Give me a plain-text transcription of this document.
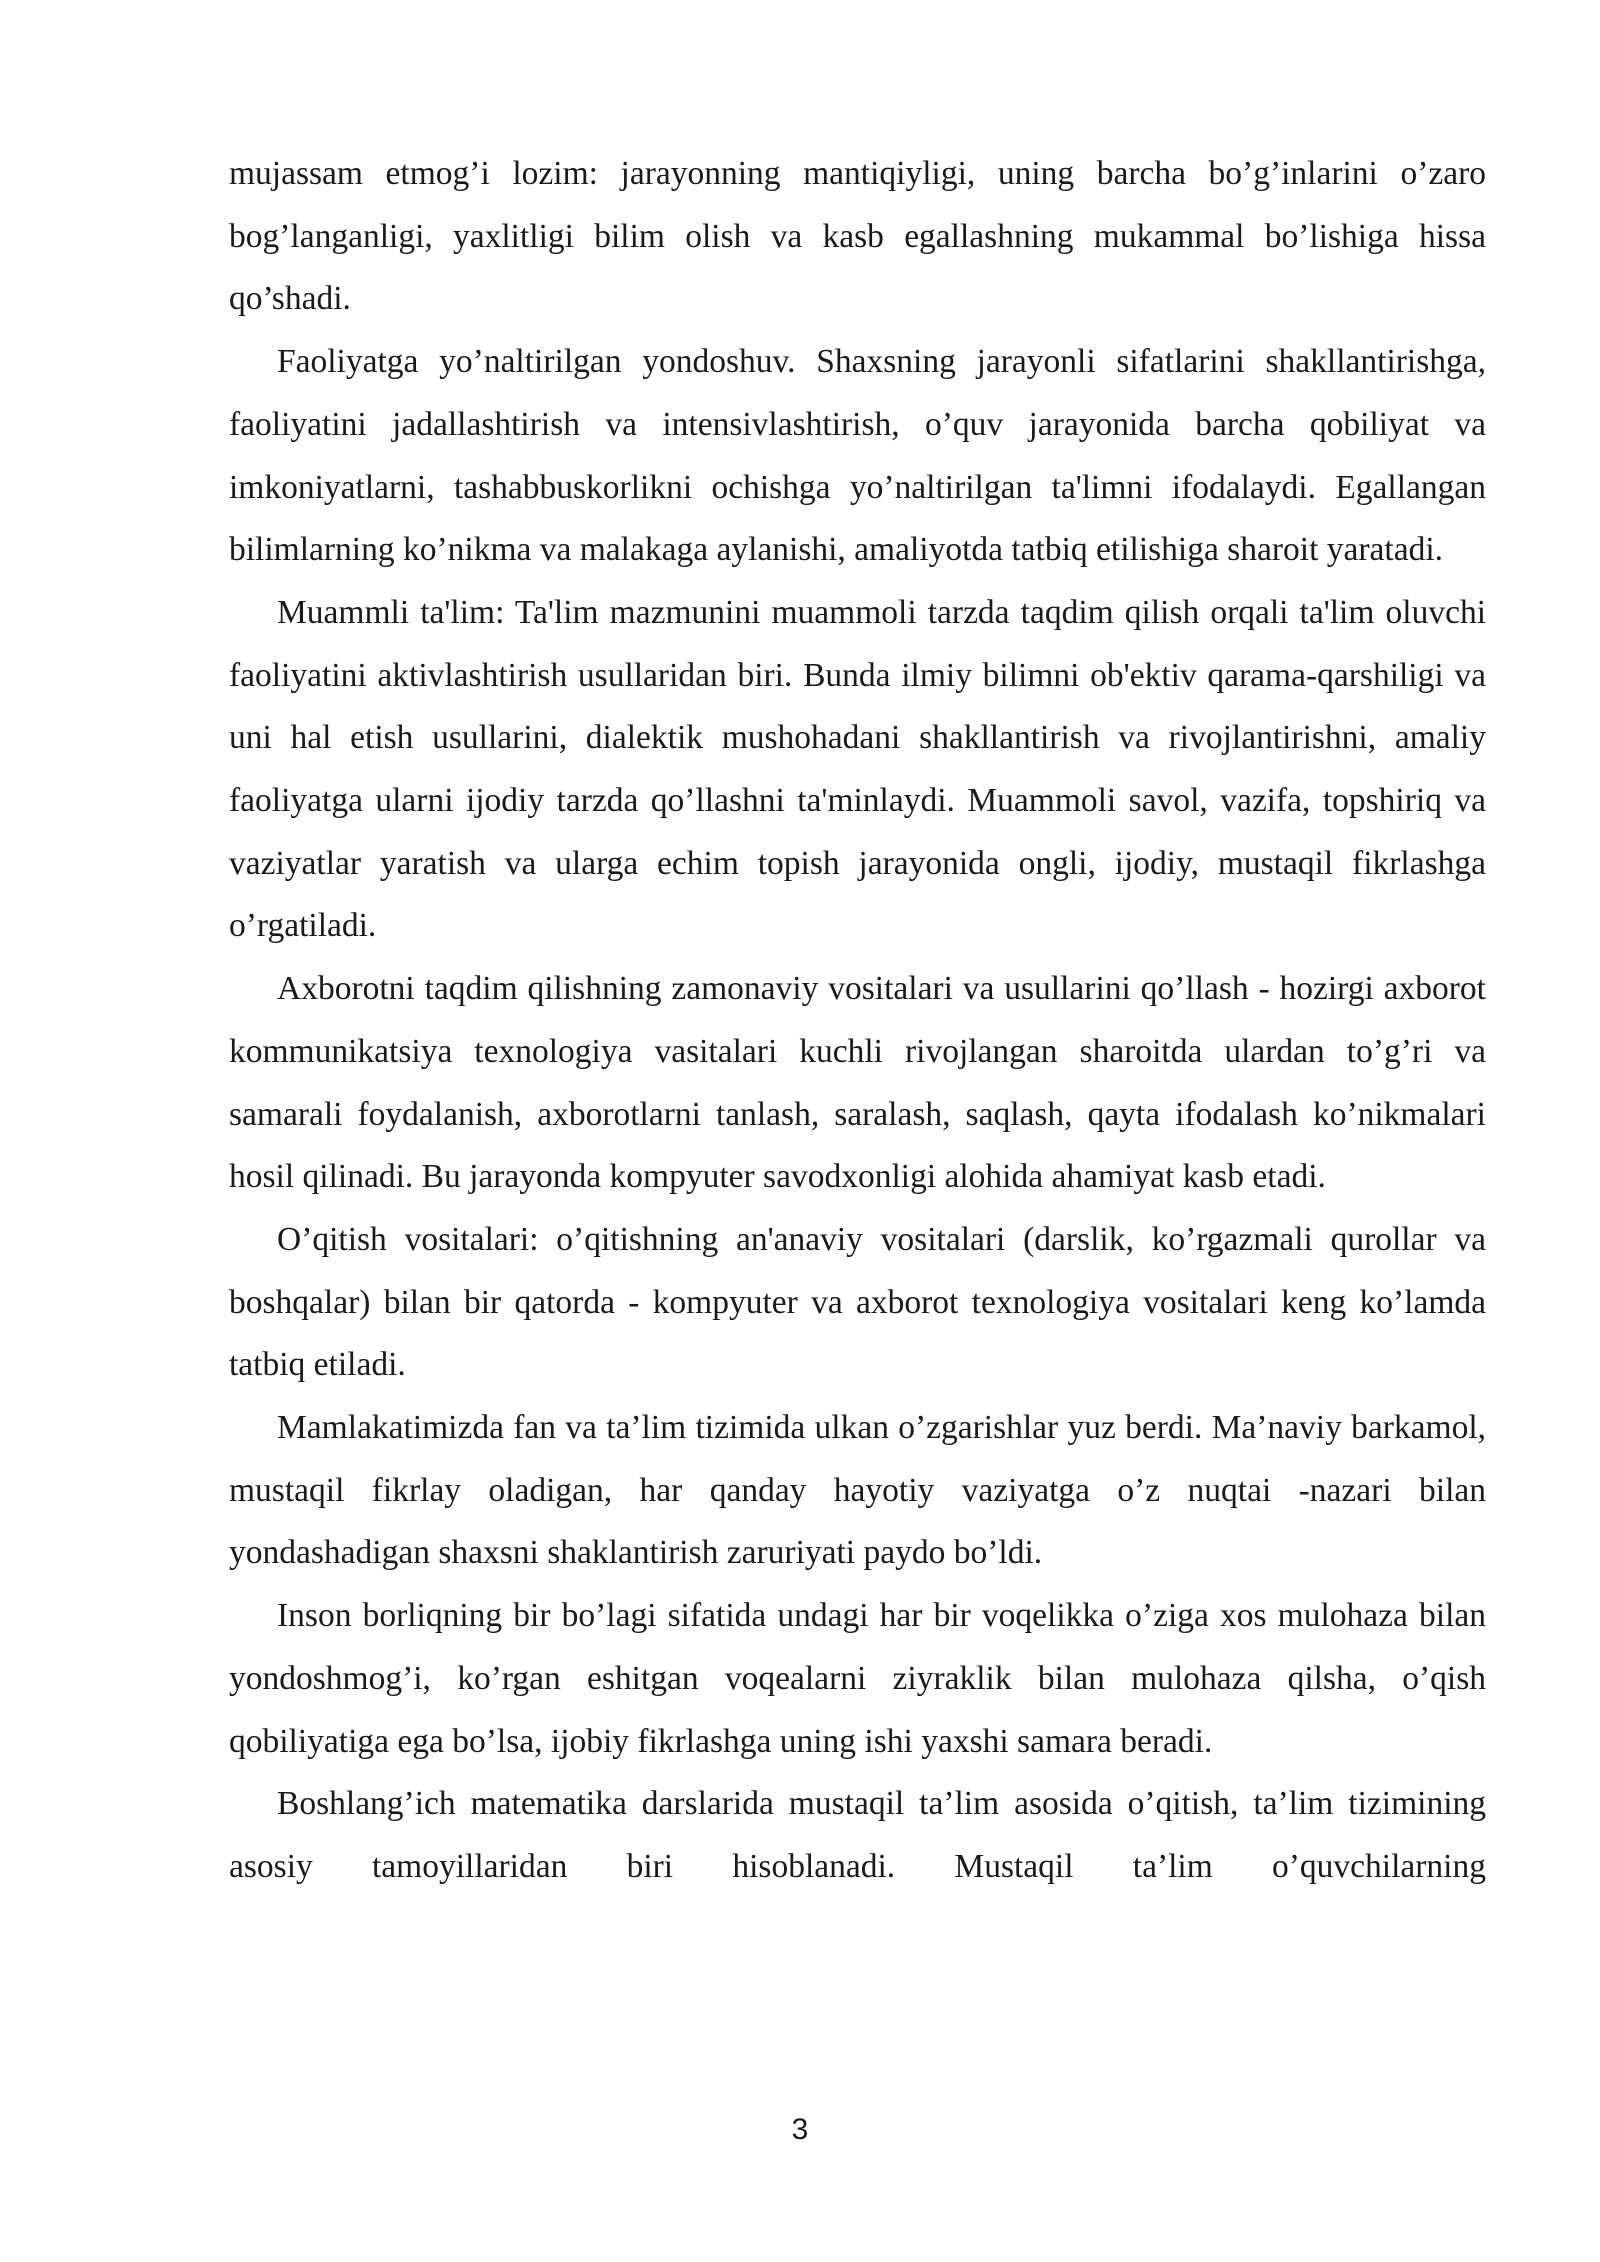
mujassam etmog’i lozim: jarayonning mantiqiyligi, uning barcha bo’g’inlarini o’zaro bog’langanligi, yaxlitligi bilim olish va kasb egallashning mukammal bo’lishiga hissa qo’shadi.

Faoliyatga yo’naltirilgan yondoshuv. Shaxsning jarayonli sifatlarini shakllantirishga, faoliyatini jadallashtirish va intensivlashtirish, o’quv jarayonida barcha qobiliyat va imkoniyatlarni, tashabbuskorlikni ochishga yo’naltirilgan ta'limni ifodalaydi. Egallangan bilimlarning ko’nikma va malakaga aylanishi, amaliyotda tatbiq etilishiga sharoit yaratadi.

Muammli ta'lim: Ta'lim mazmunini muammoli tarzda taqdim qilish orqali ta'lim oluvchi faoliyatini aktivlashtirish usullaridan biri. Bunda ilmiy bilimni ob'ektiv qarama-qarshiligi va uni hal etish usullarini, dialektik mushohadani shakllantirish va rivojlantirishni, amaliy faoliyatga ularni ijodiy tarzda qo’llashni ta'minlaydi. Muammoli savol, vazifa, topshiriq va vaziyatlar yaratish va ularga echim topish jarayonida ongli, ijodiy, mustaqil fikrlashga o’rgatiladi.

Axborotni taqdim qilishning zamonaviy vositalari va usullarini qo’llash - hozirgi axborot kommunikatsiya texnologiya vasitalari kuchli rivojlangan sharoitda ulardan to’g’ri va samarali foydalanish, axborotlarni tanlash, saralash, saqlash, qayta ifodalash ko’nikmalari hosil qilinadi. Bu jarayonda kompyuter savodxonligi alohida ahamiyat kasb etadi.

O’qitish vositalari: o’qitishning an'anaviy vositalari (darslik, ko’rgazmali qurollar va boshqalar) bilan bir qatorda - kompyuter va axborot texnologiya vositalari keng ko’lamda tatbiq etiladi.

Mamlakatimizda fan va ta’lim tizimida ulkan o’zgarishlar yuz berdi. Ma’naviy barkamol, mustaqil fikrlay oladigan, har qanday hayotiy vaziyatga o’z nuqtai -nazari bilan yondashadigan shaxsni shaklantirish zaruriyati paydo bo’ldi.

Inson borliqning bir bo’lagi sifatida undagi har bir voqelikka o’ziga xos mulohaza bilan yondoshmog’i, ko’rgan eshitgan voqealarni ziyraklik bilan mulohaza qilsha, o’qish qobiliyatiga ega bo’lsa, ijobiy fikrlashga uning ishi yaxshi samara beradi.

Boshlang’ich matematika darslarida mustaqil ta’lim asosida o’qitish, ta’lim tizimining asosiy tamoyillaridan biri hisoblanadi. Mustaqil ta’lim o’quvchilarning

3
